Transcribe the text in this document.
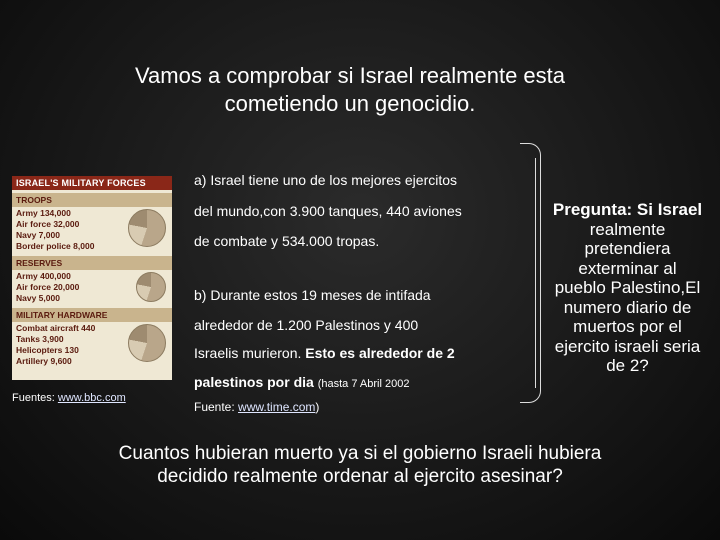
Vamos a comprobar si Israel realmente esta
cometiendo un genocidio.
ISRAEL'S MILITARY FORCES
TROOPS
Army 134,000
Air force 32,000
Navy 7,000
Border police 8,000
RESERVES
Army 400,000
Air force 20,000
Navy 5,000
MILITARY HARDWARE
Combat aircraft 440
Tanks 3,900
Helicopters 130
Artillery 9,600
Fuentes: www.bbc.com
a) Israel tiene uno de los mejores ejercitos
del mundo,con 3.900 tanques, 440 aviones
de combate y 534.000 tropas.
b) Durante estos 19 meses de intifada
alrededor de 1.200 Palestinos y 400
Israelis murieron. Esto es alrededor de 2
palestinos por dia (hasta 7 Abril 2002
Fuente: www.time.com)
Pregunta: Si Israel
realmente
pretendiera
exterminar al
pueblo Palestino,El
numero diario de
muertos por el
ejercito israeli seria
de 2?
Cuantos hubieran muerto ya si el gobierno Israeli hubiera
decidido realmente ordenar al ejercito asesinar?
